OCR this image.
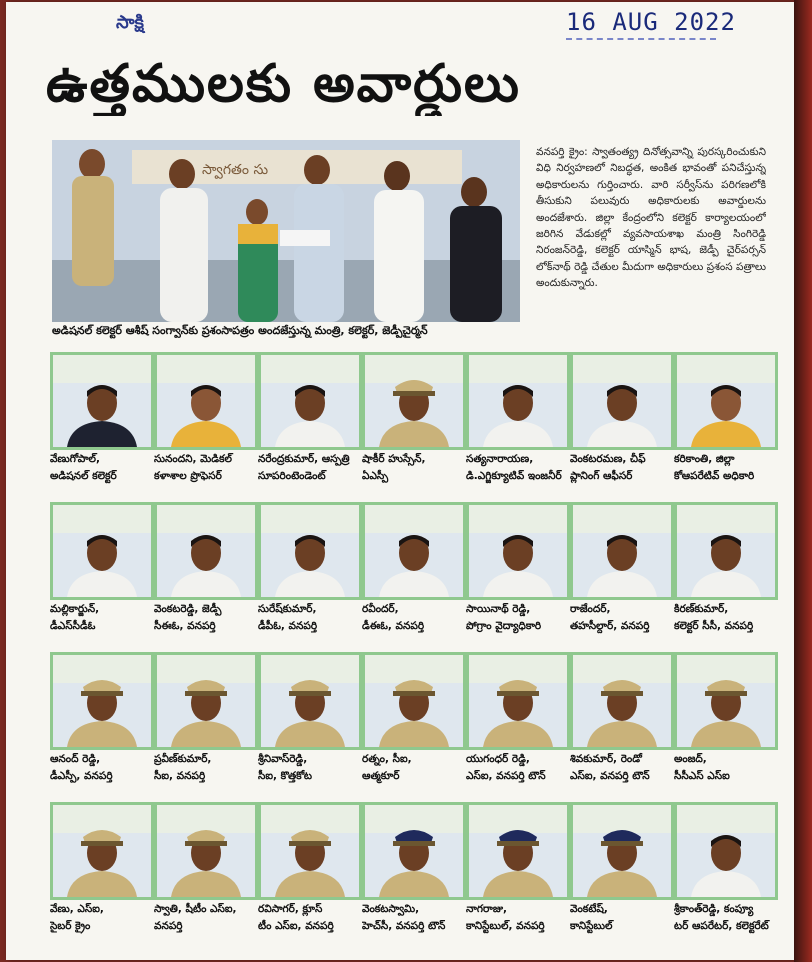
సాక్షి	16 AUG 2022
ఉత్తములకు అవార్డులు
స్వాగతం సు
అడిషనల్ కలెక్టర్ ఆశీష్ సంగ్వాన్‌కు ప్రశంసాపత్రం అందజేస్తున్న మంత్రి, కలెక్టర్, జెడ్పీచైర్మన్
వనపర్తి క్రైం: స్వాతంత్య్ర దినోత్సవాన్ని పురస్కరించుకుని విధి నిర్వహణలో నిబద్ధత, అంకిత భావంతో పనిచేస్తున్న అధికారులను గుర్తించారు. వారి సర్వీస్‌ను పరిగణలోకి తీసుకుని పలువురు అధికారులకు అవార్డులను అందజేశారు. జిల్లా కేంద్రంలోని కలెక్టర్ కార్యాలయంలో జరిగిన వేడుకల్లో వ్యవసాయశాఖ మంత్రి సింగిరెడ్డి నిరంజన్‌రెడ్డి, కలెక్టర్ యాస్మిన్ భాష, జెడ్పీ చైర్‌పర్సన్ లోక్‌నాథ్ రెడ్డి చేతుల మీదుగా అధికారులు ప్రశంస పత్రాలు అందుకున్నారు.
వేణుగోపాల్,
అడిషనల్ కలెక్టర్
సునందని, మెడికల్
కళాశాల ప్రొఫెసర్
నరేంద్రకుమార్, ఆస్పత్రి
సూపరింటెండెంట్
షాకీర్ హుస్సేన్,
ఏఎస్పీ
సత్యనారాయణ,
డి.ఎగ్జిక్యూటివ్ ఇంజనీర్
వెంకటరమణ, చీఫ్
ప్లానింగ్ ఆఫీసర్
కరికాంతి, జిల్లా
కోఆపరేటివ్ అధికారి
మల్లికార్జున్,
డీఎస్‌సీడీఓ
వెంకటరెడ్డి, జెడ్పీ
సీఈఓ, వనపర్తి
సురేష్‌కుమార్,
డీపీఓ, వనపర్తి
రవీందర్,
డీఈఓ, వనపర్తి
సాయినాథ్ రెడ్డి,
పోగ్రాం వైద్యాధికారి
రాజేందర్,
తహసీల్దార్, వనపర్తి
కిరణ్‌కుమార్,
కలెక్టర్ సీసీ, వనపర్తి
ఆనంద్ రెడ్డి,
డీఎస్పీ, వనపర్తి
ప్రవీణ్‌కుమార్,
సీఐ, వనపర్తి
శ్రీనివాస్‌రెడ్డి,
సీఐ, కొత్తకోట
రత్నం, సీఐ,
ఆత్మకూర్
యుగంధర్ రెడ్డి,
ఎస్ఐ, వనపర్తి టౌన్
శివకుమార్, రెండో
ఎస్ఐ, వనపర్తి టౌన్
అంజద్,
సీసీఎస్ ఎస్ఐ
వేణు, ఎస్ఐ,
సైబర్ క్రైం
స్వాతి, షీటీం ఎస్ఐ,
వనపర్తి
రవిసాగర్, క్లూస్
టీం ఎస్ఐ, వనపర్తి
వెంకటస్వామి,
హెచ్‌సీ, వనపర్తి టౌన్
నాగరాజు,
కానిస్టేబుల్, వనపర్తి
వెంకటేష్,
కానిస్టేబుల్
శ్రీకాంత్‌రెడ్డి, కంప్యూ
టర్ ఆపరేటర్, కలెక్టరేట్
